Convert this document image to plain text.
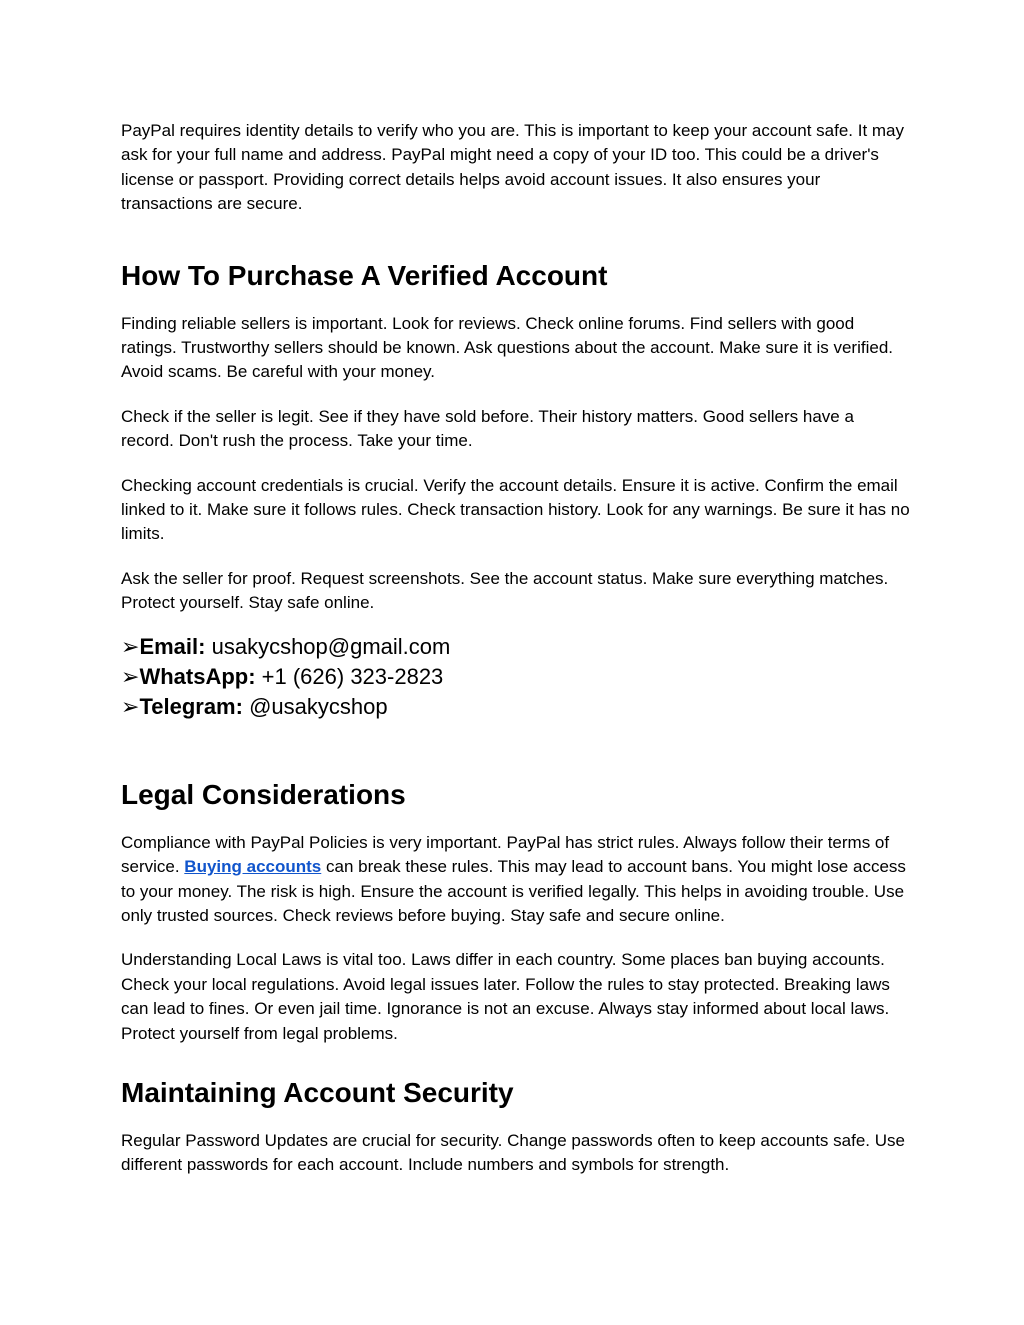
PayPal requires identity details to verify who you are. This is important to keep your account safe. It may ask for your full name and address. PayPal might need a copy of your ID too. This could be a driver's license or passport. Providing correct details helps avoid account issues. It also ensures your transactions are secure.

How To Purchase A Verified Account

Finding reliable sellers is important. Look for reviews. Check online forums. Find sellers with good ratings. Trustworthy sellers should be known. Ask questions about the account. Make sure it is verified. Avoid scams. Be careful with your money.

Check if the seller is legit. See if they have sold before. Their history matters. Good sellers have a record. Don't rush the process. Take your time.

Checking account credentials is crucial. Verify the account details. Ensure it is active. Confirm the email linked to it. Make sure it follows rules. Check transaction history. Look for any warnings. Be sure it has no limits.

Ask the seller for proof. Request screenshots. See the account status. Make sure everything matches. Protect yourself. Stay safe online.

➢Email: usakycshop@gmail.com
➢WhatsApp: +1 (626) 323-2823
➢Telegram: @usakycshop
Legal Considerations

Compliance with PayPal Policies is very important. PayPal has strict rules. Always follow their terms of service. Buying accounts can break these rules. This may lead to account bans. You might lose access to your money. The risk is high. Ensure the account is verified legally. This helps in avoiding trouble. Use only trusted sources. Check reviews before buying. Stay safe and secure online.

Understanding Local Laws is vital too. Laws differ in each country. Some places ban buying accounts. Check your local regulations. Avoid legal issues later. Follow the rules to stay protected. Breaking laws can lead to fines. Or even jail time. Ignorance is not an excuse. Always stay informed about local laws. Protect yourself from legal problems.

Maintaining Account Security

Regular Password Updates are crucial for security. Change passwords often to keep accounts safe. Use different passwords for each account. Include numbers and symbols for strength.
